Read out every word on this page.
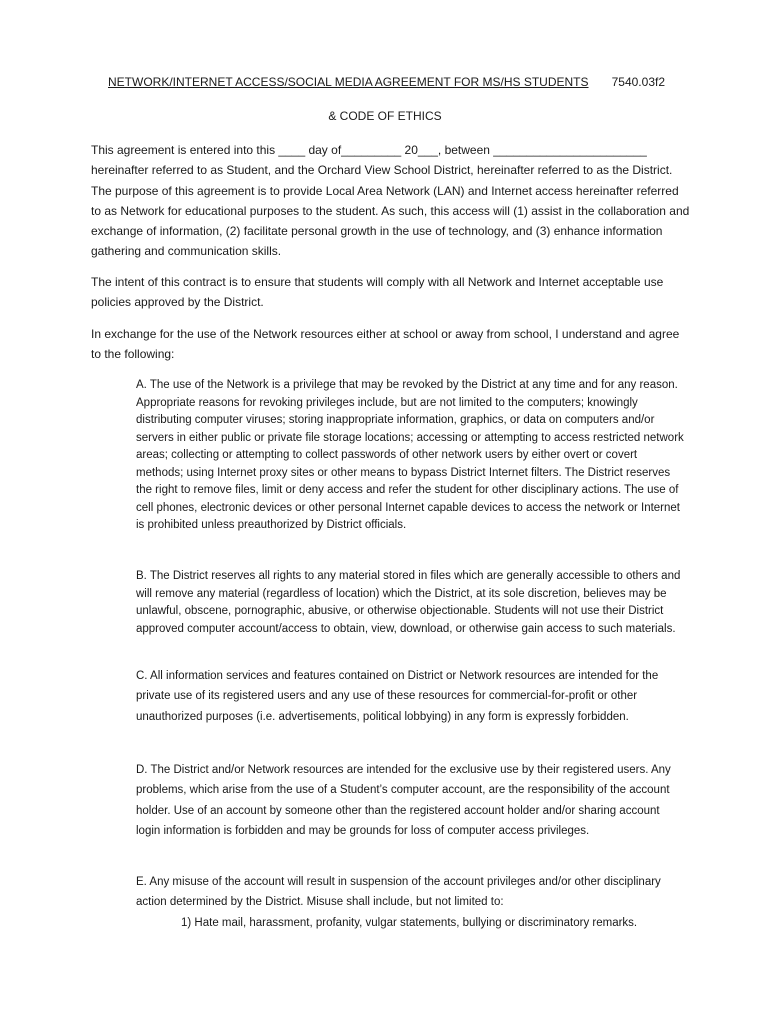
NETWORK/INTERNET ACCESS/SOCIAL MEDIA AGREEMENT FOR MS/HS STUDENTS 7540.03f2
& CODE OF ETHICS

This agreement is entered into this ____ day of_________ 20___, between _______________________ hereinafter referred to as Student, and the Orchard View School District, hereinafter referred to as the District. The purpose of this agreement is to provide Local Area Network (LAN) and Internet access hereinafter referred to as Network for educational purposes to the student. As such, this access will (1) assist in the collaboration and exchange of information, (2) facilitate personal growth in the use of technology, and (3) enhance information gathering and communication skills.

The intent of this contract is to ensure that students will comply with all Network and Internet acceptable use policies approved by the District.

In exchange for the use of the Network resources either at school or away from school, I understand and agree to the following:

A. The use of the Network is a privilege that may be revoked by the District at any time and for any reason. Appropriate reasons for revoking privileges include, but are not limited to the computers; knowingly distributing computer viruses; storing inappropriate information, graphics, or data on computers and/or servers in either public or private file storage locations; accessing or attempting to access restricted network areas; collecting or attempting to collect passwords of other network users by either overt or covert methods; using Internet proxy sites or other means to bypass District Internet filters. The District reserves the right to remove files, limit or deny access and refer the student for other disciplinary actions. The use of cell phones, electronic devices or other personal Internet capable devices to access the network or Internet is prohibited unless preauthorized by District officials.

B. The District reserves all rights to any material stored in files which are generally accessible to others and will remove any material (regardless of location) which the District, at its sole discretion, believes may be unlawful, obscene, pornographic, abusive, or otherwise objectionable. Students will not use their District approved computer account/access to obtain, view, download, or otherwise gain access to such materials.

C. All information services and features contained on District or Network resources are intended for the private use of its registered users and any use of these resources for commercial-for-profit or other unauthorized purposes (i.e. advertisements, political lobbying) in any form is expressly forbidden.

D. The District and/or Network resources are intended for the exclusive use by their registered users. Any problems, which arise from the use of a Student’s computer account, are the responsibility of the account holder. Use of an account by someone other than the registered account holder and/or sharing account login information is forbidden and may be grounds for loss of computer access privileges.

E. Any misuse of the account will result in suspension of the account privileges and/or other disciplinary action determined by the District. Misuse shall include, but not limited to:

1) Hate mail, harassment, profanity, vulgar statements, bullying or discriminatory remarks.
